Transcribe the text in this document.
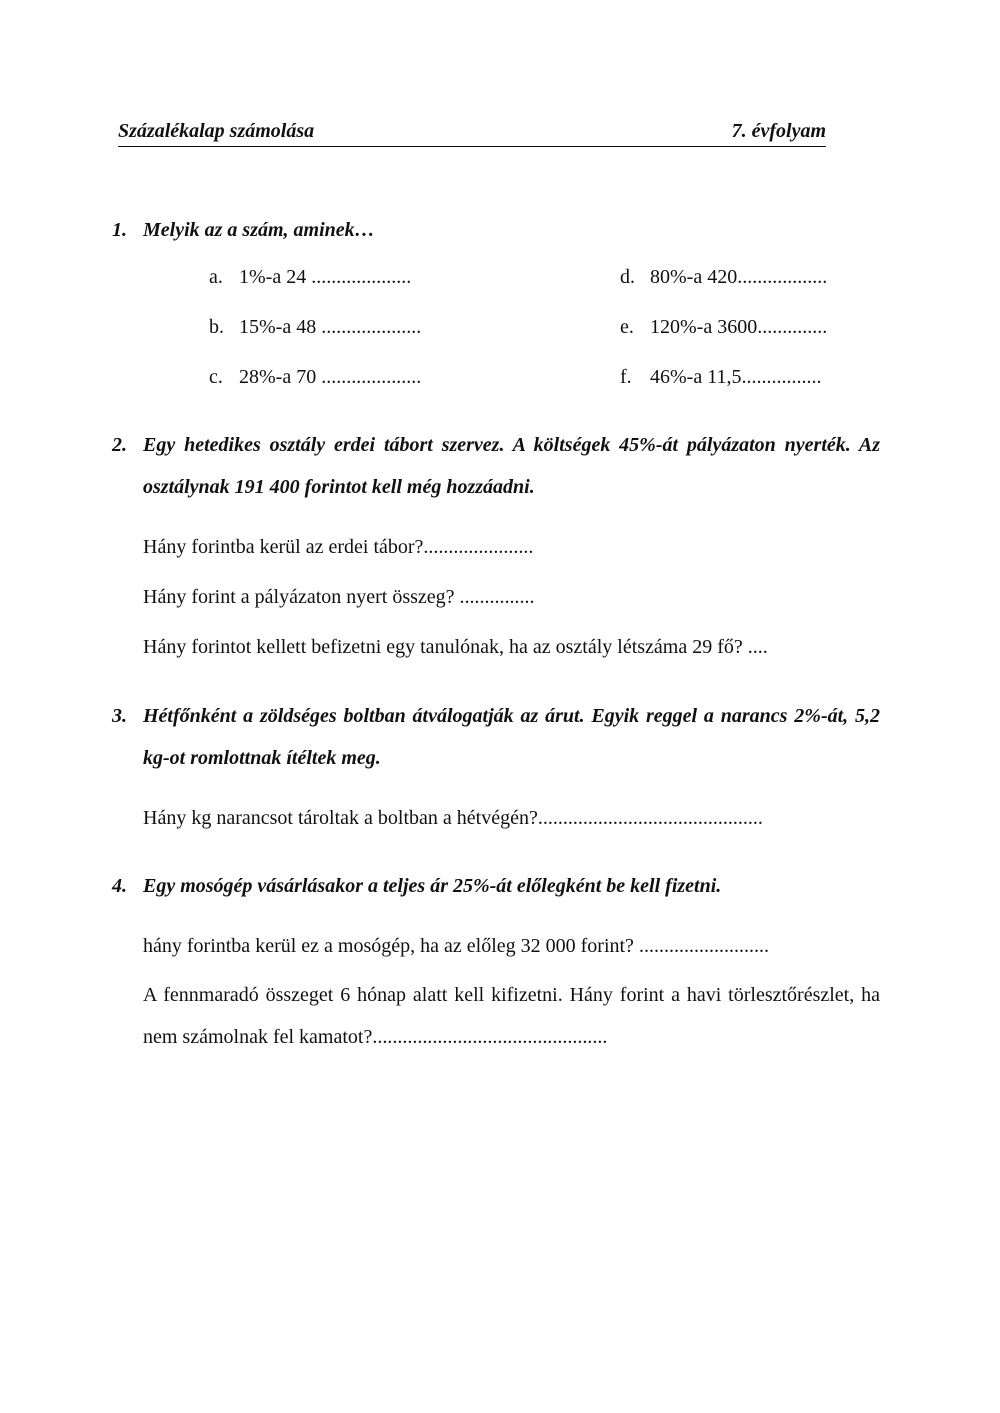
Százalékalap számolása	7. évfolyam
1. Melyik az a szám, aminek…
a. 1%-a 24 ....................
b. 15%-a 48 ....................
c. 28%-a 70 ....................
d. 80%-a 420..................
e. 120%-a 3600..............
f. 46%-a 11,5................
2. Egy hetedikes osztály erdei tábort szervez. A költségek 45%-át pályázaton nyerték. Az osztálynak 191 400 forintot kell még hozzáadni.
Hány forintba kerül az erdei tábor?......................
Hány forint a pályázaton nyert összeg? ...............
Hány forintot kellett befizetni egy tanulónak, ha az osztály létszáma 29 fő? ....
3. Hétfőnként a zöldséges boltban átválogatják az árut. Egyik reggel a narancs 2%-át, 5,2 kg-ot romlottnak ítéltek meg.
Hány kg narancsot tároltak a boltban a hétvégén?.............................................
4. Egy mosógép vásárlásakor a teljes ár 25%-át előlegként be kell fizetni.
hány forintba kerül ez a mosógép, ha az előleg 32 000 forint? ..........................
A fennmaradó összeget 6 hónap alatt kell kifizetni. Hány forint a havi törlesztőrészlet, ha nem számolnak fel kamatot?...............................................
